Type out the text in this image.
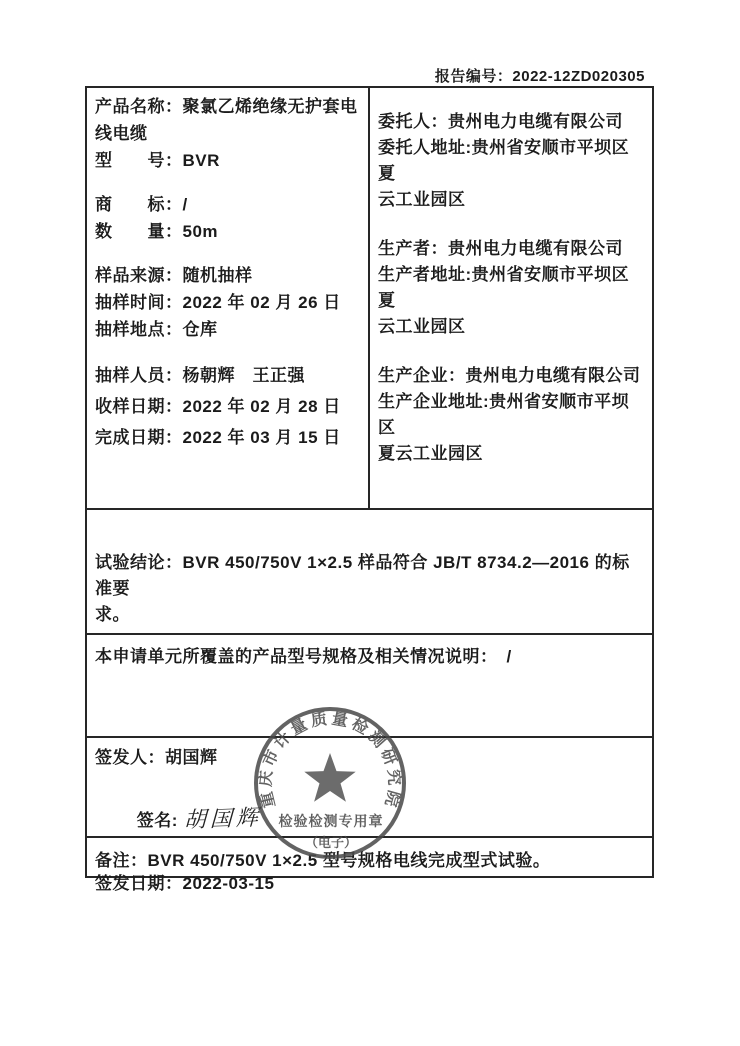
报告编号：2022-12ZD020305

产品名称：聚氯乙烯绝缘无护套电
线电缆
型　　号：BVR
商　　标：/
数　　量：50m
样品来源：随机抽样
抽样时间：2022 年 02 月 26 日
抽样地点：仓库
抽样人员：杨朝辉　王正强
收样日期：2022 年 02 月 28 日
完成日期：2022 年 03 月 15 日
委托人：贵州电力电缆有限公司
委托人地址:贵州省安顺市平坝区夏
云工业园区
生产者：贵州电力电缆有限公司
生产者地址:贵州省安顺市平坝区夏
云工业园区
生产企业：贵州电力电缆有限公司
生产企业地址:贵州省安顺市平坝区
夏云工业园区
试验结论：BVR 450/750V 1×2.5 样品符合 JB/T 8734.2—2016 的标准要
求。
本申请单元所覆盖的产品型号规格及相关情况说明：　/
签发人：胡国辉

签名: 胡国辉

签发日期：2022-03-15
备注：BVR 450/750V 1×2.5 型号规格电线完成型式试验。
重庆市计量质量检测研究院
检验检测专用章
（电子）
